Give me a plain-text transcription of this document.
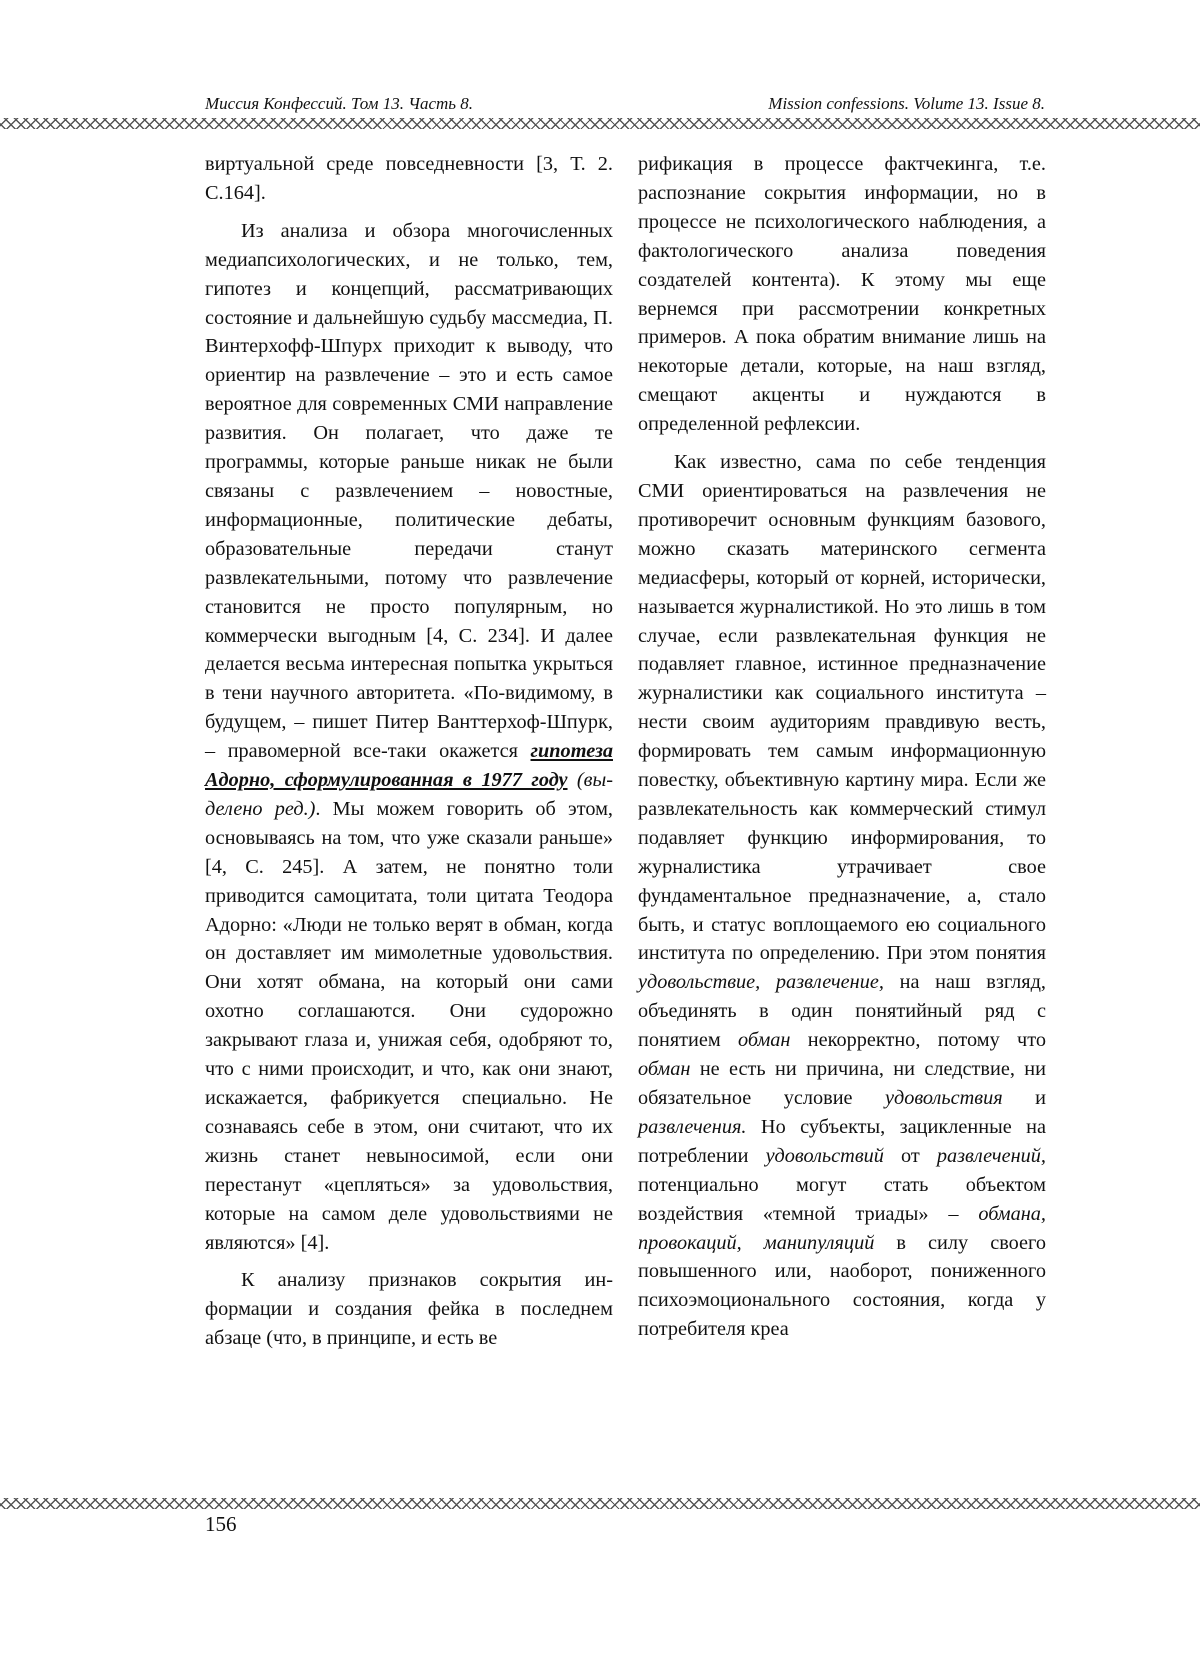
Миссия Конфессий. Том 13. Часть 8.	Mission confessions. Volume 13. Issue 8.

виртуальной среде повседневности [3, Т. 2. С.164].

Из анализа и обзора многочисленных медиапсихологических, и не только, тем, гипотез и концепций, рассматривающих состояние и дальнейшую судьбу массмедиа, П. Винтерхофф-Шпурх приходит к выводу, что ориентир на развлечение – это и есть самое вероятное для современных СМИ направление развития. Он полагает, что даже те программы, которые раньше никак не были связаны с развлечением – новостные, информационные, политические дебаты, образовательные передачи станут развлекательными, потому что развлечение становится не просто популярным, но коммерчески выгодным [4, С. 234]. И далее делается весьма интересная попытка укрыться в тени научного авторитета. «По-видимому, в будущем, – пишет Питер Ванттерхоф-Шпурк, – правомерной все-таки окажется гипотеза Адорно, сформулированная в 1977 году (выделено ред.). Мы можем говорить об этом, основываясь на том, что уже сказали раньше» [4, С. 245]. А затем, не понятно толи приводится самоцитата, толи цитата Теодора Адорно: «Люди не только верят в обман, когда он доставляет им мимолетные удовольствия. Они хотят обмана, на который они сами охотно соглашаются. Они судорожно закрывают глаза и, унижая себя, одобряют то, что с ними происходит, и что, как они знают, искажается, фабрикуется специально. Не сознаваясь себе в этом, они считают, что их жизнь станет невыносимой, если они перестанут «цепляться» за удовольствия, которые на самом деле удовольствиями не являются» [4].

К анализу признаков сокрытия информации и создания фейка в последнем абзаце (что, в принципе, и есть ве

рификация в процессе фактчекинга, т.е. распознание сокрытия информации, но в процессе не психологического наблюдения, а фактологического анализа поведения создателей контента). К этому мы еще вернемся при рассмотрении конкретных примеров. А пока обратим внимание лишь на некоторые детали, которые, на наш взгляд, смещают акценты и нуждаются в определенной рефлексии.

Как известно, сама по себе тенденция СМИ ориентироваться на развлечения не противоречит основным функциям базового, можно сказать материнского сегмента медиасферы, который от корней, исторически, называется журналистикой. Но это лишь в том случае, если развлекательная функция не подавляет главное, истинное предназначение журналистики как социального института – нести своим аудиториям правдивую весть, формировать тем самым информационную повестку, объективную картину мира. Если же развлекательность как коммерческий стимул подавляет функцию информирования, то журналистика утрачивает свое фундаментальное предназначение, а, стало быть, и статус воплощаемого ею социального института по определению. При этом понятия удовольствие, развлечение, на наш взгляд, объединять в один понятийный ряд с понятием обман некорректно, потому что обман не есть ни причина, ни следствие, ни обязательное условие удовольствия и развлечения. Но субъекты, зацикленные на потреблении удовольствий от развлечений, потенциально могут стать объектом воздействия «темной триады» – обмана, провокаций, манипуляций в силу своего повышенного или, наоборот, пониженного психоэмоционального состояния, когда у потребителя креа

156
